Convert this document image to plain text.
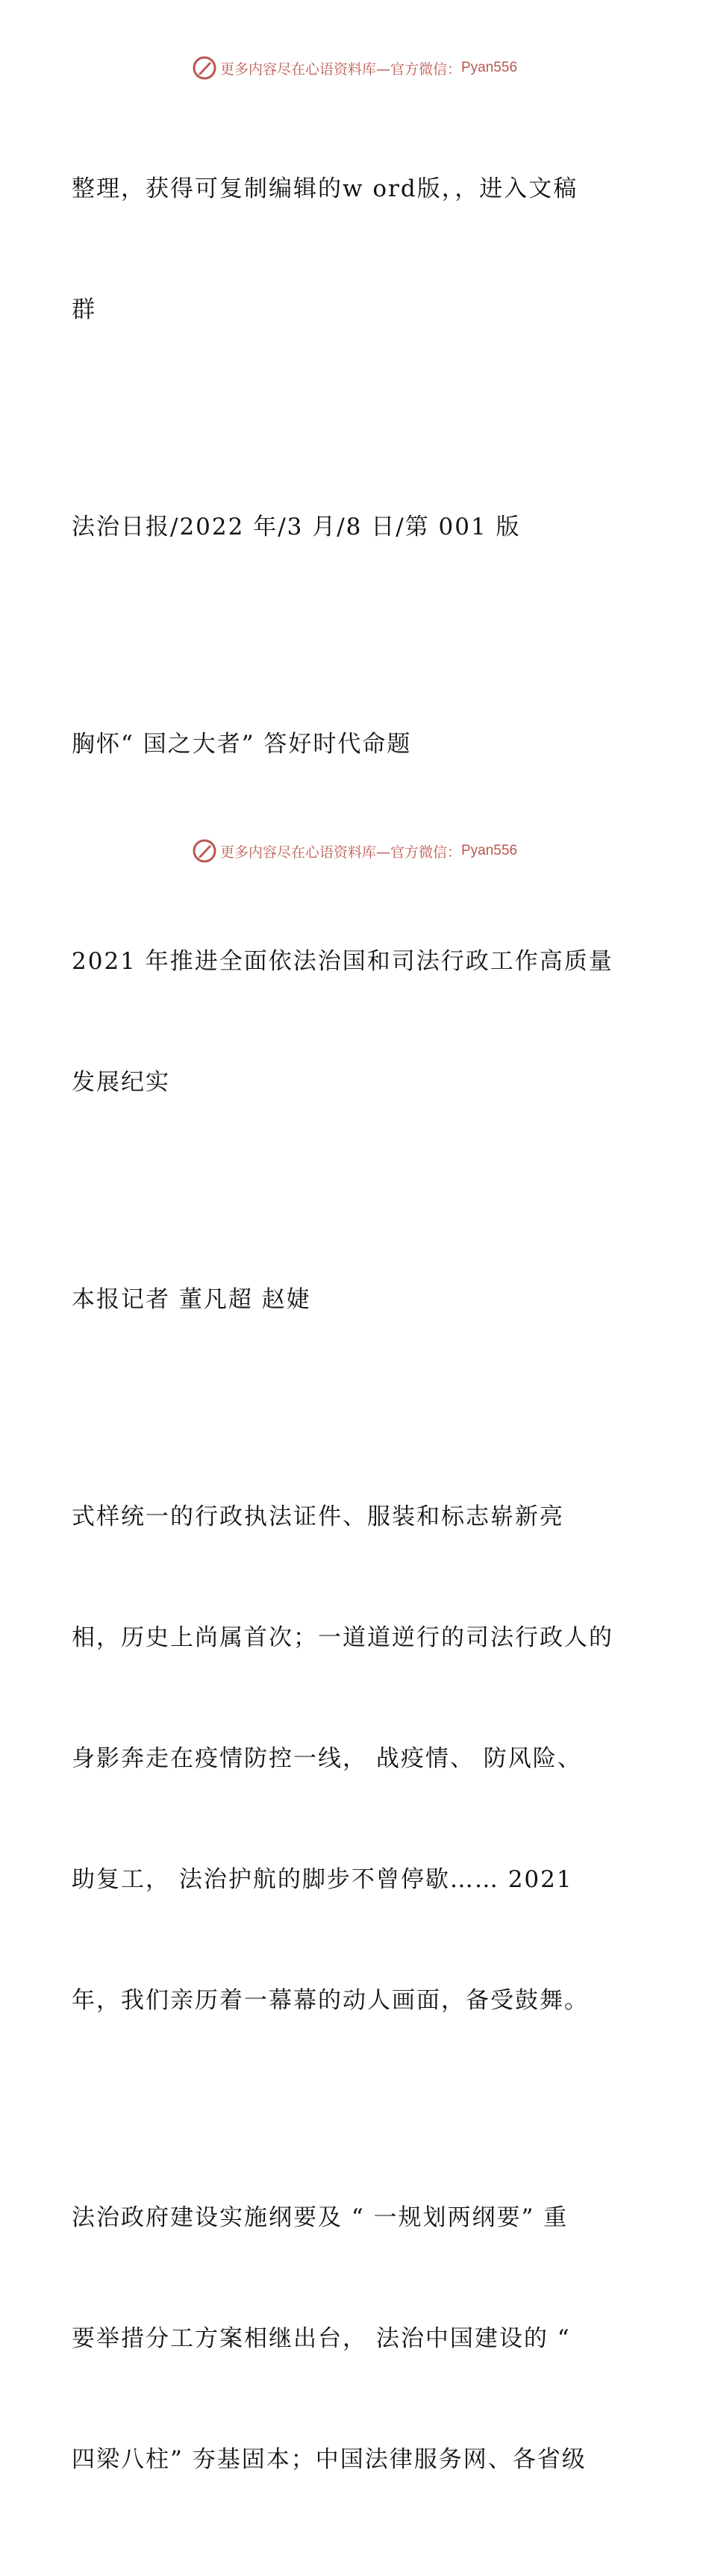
更多内容尽在心语资料库—官方微信： Pyan556

整理，获得可复制编辑的w ord版，，进入文稿

群

法治日报/2022 年/3 月/8 日/第 001 版

胸怀“ 国之大者” 答好时代命题

2021 年推进全面依法治国和司法行政工作高质量

发展纪实

本报记者 董凡超 赵婕

式样统一的行政执法证件、服装和标志崭新亮

相，历史上尚属首次；一道道逆行的司法行政人的

身影奔走在疫情防控一线， 战疫情、 防风险、

助复工， 法治护航的脚步不曾停歇…… 2021

年，我们亲历着一幕幕的动人画面，备受鼓舞。

法治政府建设实施纲要及 “ 一规划两纲要” 重

要举措分工方案相继出台， 法治中国建设的 “

四梁八柱” 夯基固本；中国法律服务网、各省级

更多内容尽在心语资料库—官方微信： Pyan556
